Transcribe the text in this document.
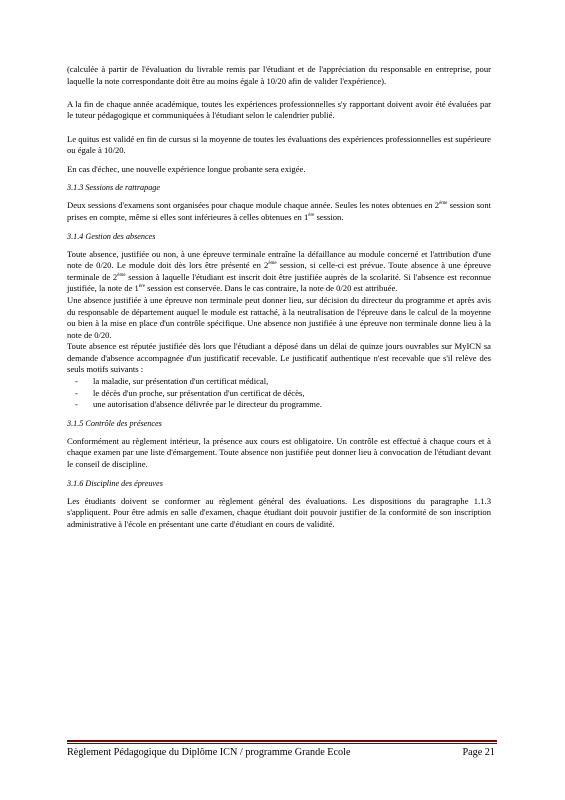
(calculée à partir de l'évaluation du livrable remis par l'étudiant et de l'appréciation du responsable en entreprise, pour laquelle la note correspondante doit être au moins égale à 10/20 afin de valider l'expérience).

A la fin de chaque année académique, toutes les expériences professionnelles s'y rapportant doivent avoir été évaluées par le tuteur pédagogique et communiquées à l'étudiant selon le calendrier publié.

Le quitus est validé en fin de cursus si la moyenne de toutes les évaluations des expériences professionnelles est supérieure ou égale à 10/20.

En cas d'échec, une nouvelle expérience longue probante sera exigée.

3.1.3 Sessions de rattrapage

Deux sessions d'examens sont organisées pour chaque module chaque année. Seules les notes obtenues en 2ème session sont prises en compte, même si elles sont inférieures à celles obtenues en 1ère session.

3.1.4 Gestion des absences

Toute absence, justifiée ou non, à une épreuve terminale entraîne la défaillance au module concerné et l'attribution d'une note de 0/20. Le module doit dès lors être présenté en 2ème session, si celle-ci est prévue. Toute absence à une épreuve terminale de 2ème session à laquelle l'étudiant est inscrit doit être justifiée auprès de la scolarité. Si l'absence est reconnue justifiée, la note de 1ère session est conservée. Dans le cas contraire, la note de 0/20 est attribuée.

Une absence justifiée à une épreuve non terminale peut donner lieu, sur décision du directeur du programme et après avis du responsable de département auquel le module est rattaché, à la neutralisation de l'épreuve dans le calcul de la moyenne ou bien à la mise en place d'un contrôle spécifique. Une absence non justifiée à une épreuve non terminale donne lieu à la note de 0/20.

Toute absence est réputée justifiée dès lors que l'étudiant a déposé dans un délai de quinze jours ouvrables sur MyICN sa demande d'absence accompagnée d'un justificatif recevable. Le justificatif authentique n'est recevable que s'il relève des seuls motifs suivants :

- la maladie, sur présentation d'un certificat médical,
- le décès d'un proche, sur présentation d'un certificat de décès,
- une autorisation d'absence délivrée par le directeur du programme.
3.1.5 Contrôle des présences

Conformément au règlement intérieur, la présence aux cours est obligatoire. Un contrôle est effectué à chaque cours et à chaque examen par une liste d'émargement. Toute absence non justifiée peut donner lieu à convocation de l'étudiant devant le conseil de discipline.

3.1.6 Discipline des épreuves

Les étudiants doivent se conformer au règlement général des évaluations. Les dispositions du paragraphe 1.1.3 s'appliquent. Pour être admis en salle d'examen, chaque étudiant doit pouvoir justifier de la conformité de son inscription administrative à l'école en présentant une carte d'étudiant en cours de validité.

Règlement Pédagogique du Diplôme ICN / programme Grande Ecole	Page 21
